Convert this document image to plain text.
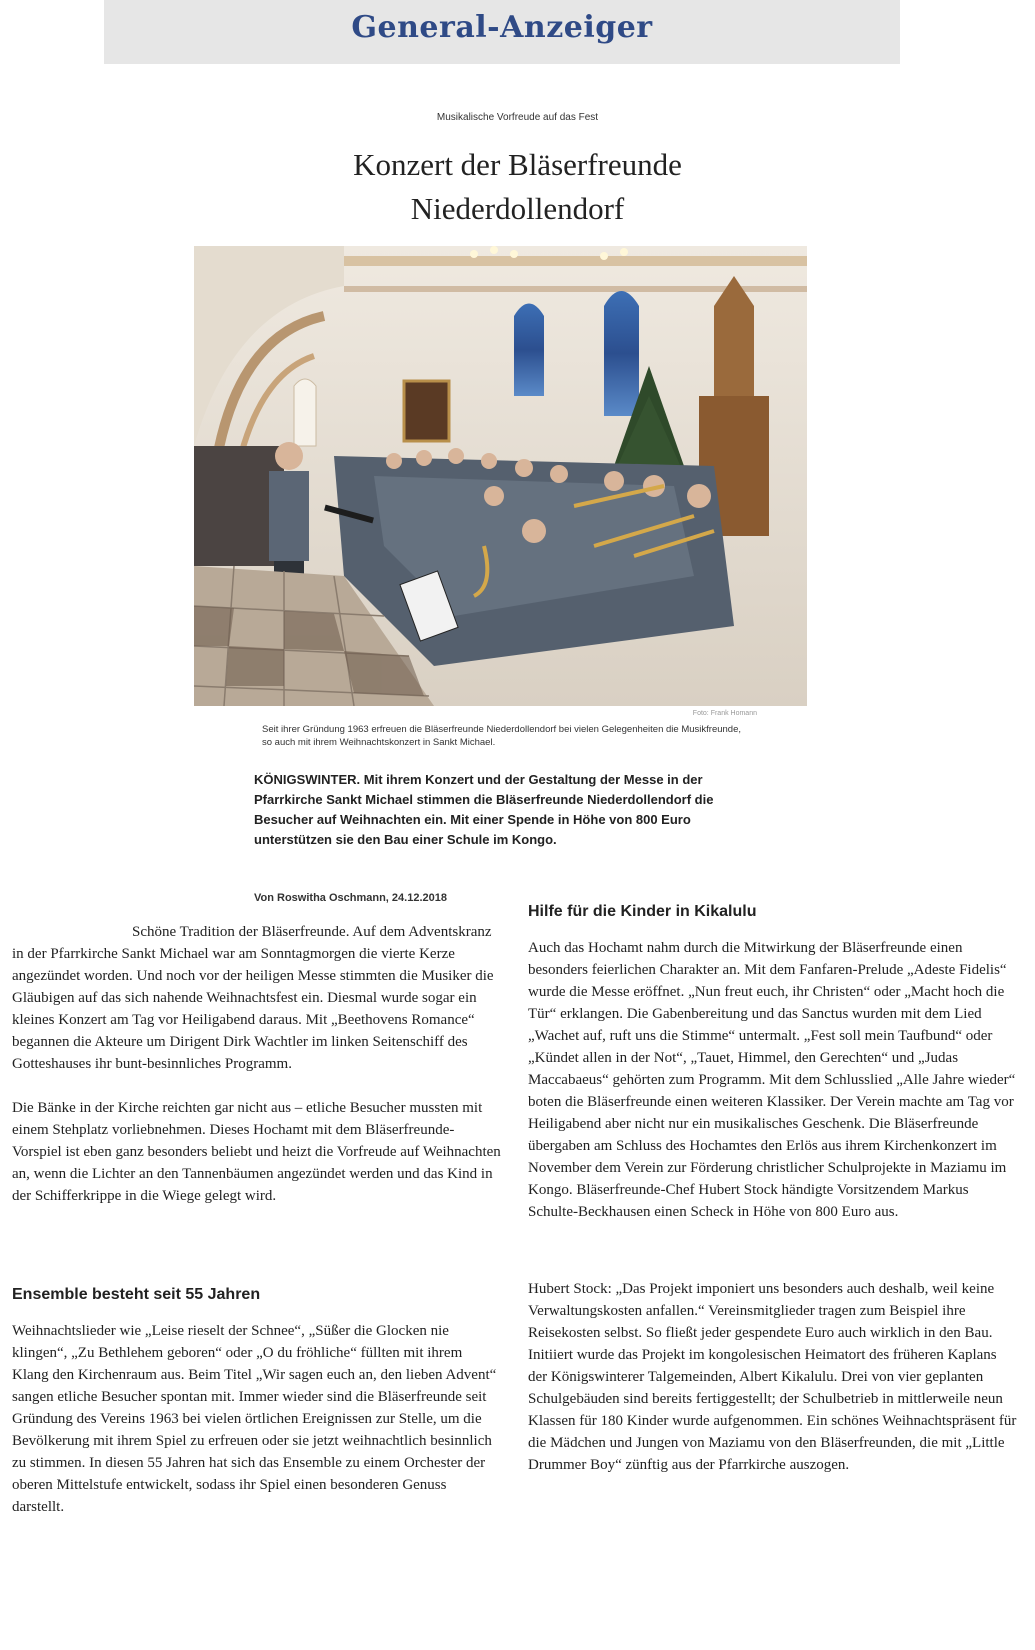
General-Anzeiger
Musikalische Vorfreude auf das Fest
Konzert der Bläserfreunde
Niederdollendorf
Foto: Frank Homann
Seit ihrer Gründung 1963 erfreuen die Bläserfreunde Niederdollendorf bei vielen Gelegenheiten die Musikfreunde, so auch mit ihrem Weihnachtskonzert in Sankt Michael.
KÖNIGSWINTER. Mit ihrem Konzert und der Gestaltung der Messe in der Pfarrkirche Sankt Michael stimmen die Bläserfreunde Niederdollendorf die Besucher auf Weihnachten ein. Mit einer Spende in Höhe von 800 Euro unterstützen sie den Bau einer Schule im Kongo.
Von Roswitha Oschmann, 24.12.2018

Schöne Tradition der Bläserfreunde. Auf dem Adventskranz in der Pfarrkirche Sankt Michael war am Sonntagmorgen die vierte Kerze angezündet worden. Und noch vor der heiligen Messe stimmten die Musiker die Gläubigen auf das sich nahende Weihnachtsfest ein. Diesmal wurde sogar ein kleines Konzert am Tag vor Heiligabend daraus. Mit „Beethovens Romance“ begannen die Akteure um Dirigent Dirk Wachtler im linken Seitenschiff des Gotteshauses ihr bunt-besinnliches Programm.

Die Bänke in der Kirche reichten gar nicht aus – etliche Besucher mussten mit einem Stehplatz vorliebnehmen. Dieses Hochamt mit dem Bläserfreunde-Vorspiel ist eben ganz besonders beliebt und heizt die Vorfreude auf Weihnachten an, wenn die Lichter an den Tannenbäumen angezündet werden und das Kind in der Schifferkrippe in die Wiege gelegt wird.

Ensemble besteht seit 55 Jahren

Weihnachtslieder wie „Leise rieselt der Schnee“, „Süßer die Glocken nie klingen“, „Zu Bethlehem geboren“ oder „O du fröhliche“ füllten mit ihrem Klang den Kirchenraum aus. Beim Titel „Wir sagen euch an, den lieben Advent“ sangen etliche Besucher spontan mit. Immer wieder sind die Bläserfreunde seit Gründung des Vereins 1963 bei vielen örtlichen Ereignissen zur Stelle, um die Bevölkerung mit ihrem Spiel zu erfreuen oder sie jetzt weihnachtlich besinnlich zu stimmen. In diesen 55 Jahren hat sich das Ensemble zu einem Orchester der oberen Mittelstufe entwickelt, sodass ihr Spiel einen besonderen Genuss darstellt.

Hilfe für die Kinder in Kikalulu

Auch das Hochamt nahm durch die Mitwirkung der Bläserfreunde einen besonders feierlichen Charakter an. Mit dem Fanfaren-Prelude „Adeste Fidelis“ wurde die Messe eröffnet. „Nun freut euch, ihr Christen“ oder „Macht hoch die Tür“ erklangen. Die Gabenbereitung und das Sanctus wurden mit dem Lied „Wachet auf, ruft uns die Stimme“ untermalt. „Fest soll mein Taufbund“ oder „Kündet allen in der Not“, „Tauet, Himmel, den Gerechten“ und „Judas Maccabaeus“ gehörten zum Programm. Mit dem Schlusslied „Alle Jahre wieder“ boten die Bläserfreunde einen weiteren Klassiker. Der Verein machte am Tag vor Heiligabend aber nicht nur ein musikalisches Geschenk. Die Bläserfreunde übergaben am Schluss des Hochamtes den Erlös aus ihrem Kirchenkonzert im November dem Verein zur Förderung christlicher Schulprojekte in Maziamu im Kongo. Bläserfreunde-Chef Hubert Stock händigte Vorsitzendem Markus Schulte-Beckhausen einen Scheck in Höhe von 800 Euro aus.

Hubert Stock: „Das Projekt imponiert uns besonders auch deshalb, weil keine Verwaltungskosten anfallen.“ Vereinsmitglieder tragen zum Beispiel ihre Reisekosten selbst. So fließt jeder gespendete Euro auch wirklich in den Bau. Initiiert wurde das Projekt im kongolesischen Heimatort des früheren Kaplans der Königswinterer Talgemeinden, Albert Kikalulu. Drei von vier geplanten Schulgebäuden sind bereits fertiggestellt; der Schulbetrieb in mittlerweile neun Klassen für 180 Kinder wurde aufgenommen. Ein schönes Weihnachtspräsent für die Mädchen und Jungen von Maziamu von den Bläserfreunden, die mit „Little Drummer Boy“ zünftig aus der Pfarrkirche auszogen.
